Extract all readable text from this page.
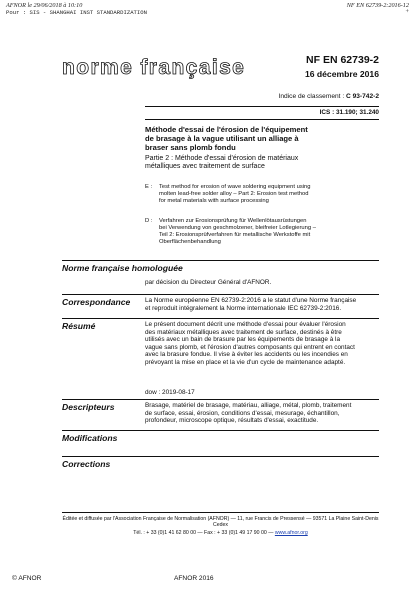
AFNOR le 29/06/2018 à 10:10
Pour : SIS - SHANGHAI INST STANDARDIZATION
NF EN 62739-2:2016-12
+
norme française	NF EN 62739-2
16 décembre 2016
Indice de classement : C 93-742-2
ICS : 31.190; 31.240
Méthode d'essai de l'érosion de l'équipement
de brasage à la vague utilisant un alliage à
braser sans plomb fondu
Partie 2 : Méthode d'essai d'érosion de matériaux
métalliques avec traitement de surface
E : Test method for erosion of wave soldering equipment using
molten lead-free solder alloy – Part 2: Erosion test method
for metal materials with surface processing
D : Verfahren zur Erosionsprüfung für Wellenlötausrüstungen
bei Verwendung von geschmolzener, bleifreier Lotlegierung –
Teil 2: Erosionsprüfverfahren für metallische Werkstoffe mit
Oberflächenbehandlung
Norme française homologuée
par décision du Directeur Général d'AFNOR.
Correspondance La Norme européenne EN 62739-2:2016 a le statut d'une Norme française
et reproduit intégralement la Norme internationale IEC 62739-2:2016.
Résumé	Le présent document décrit une méthode d'essai pour évaluer l'érosion
des matériaux métalliques avec traitement de surface, destinés à être
utilisés avec un bain de brasure par les équipements de brasage à la
vague sans plomb, et l'érosion d'autres composants qui entrent en contact
avec la brasure fondue. Il vise à éviter les accidents ou les incendies en
prévoyant la mise en place et la vie d'un cycle de maintenance adapté.
dow : 2019-08-17
Descripteurs	Brasage, matériel de brasage, matériau, alliage, métal, plomb, traitement
de surface, essai, érosion, conditions d'essai, mesurage, échantillon,
profondeur, microscope optique, résultats d'essai, exactitude.
Modifications
Corrections
Éditée et diffusée par l'Association Française de Normalisation (AFNOR) — 11, rue Francis de Pressensé — 93571 La Plaine Saint-Denis Cedex
Tél. : + 33 (0)1 41 62 80 00 — Fax : + 33 (0)1 49 17 90 00 — www.afnor.org
© AFNOR	AFNOR 2016
